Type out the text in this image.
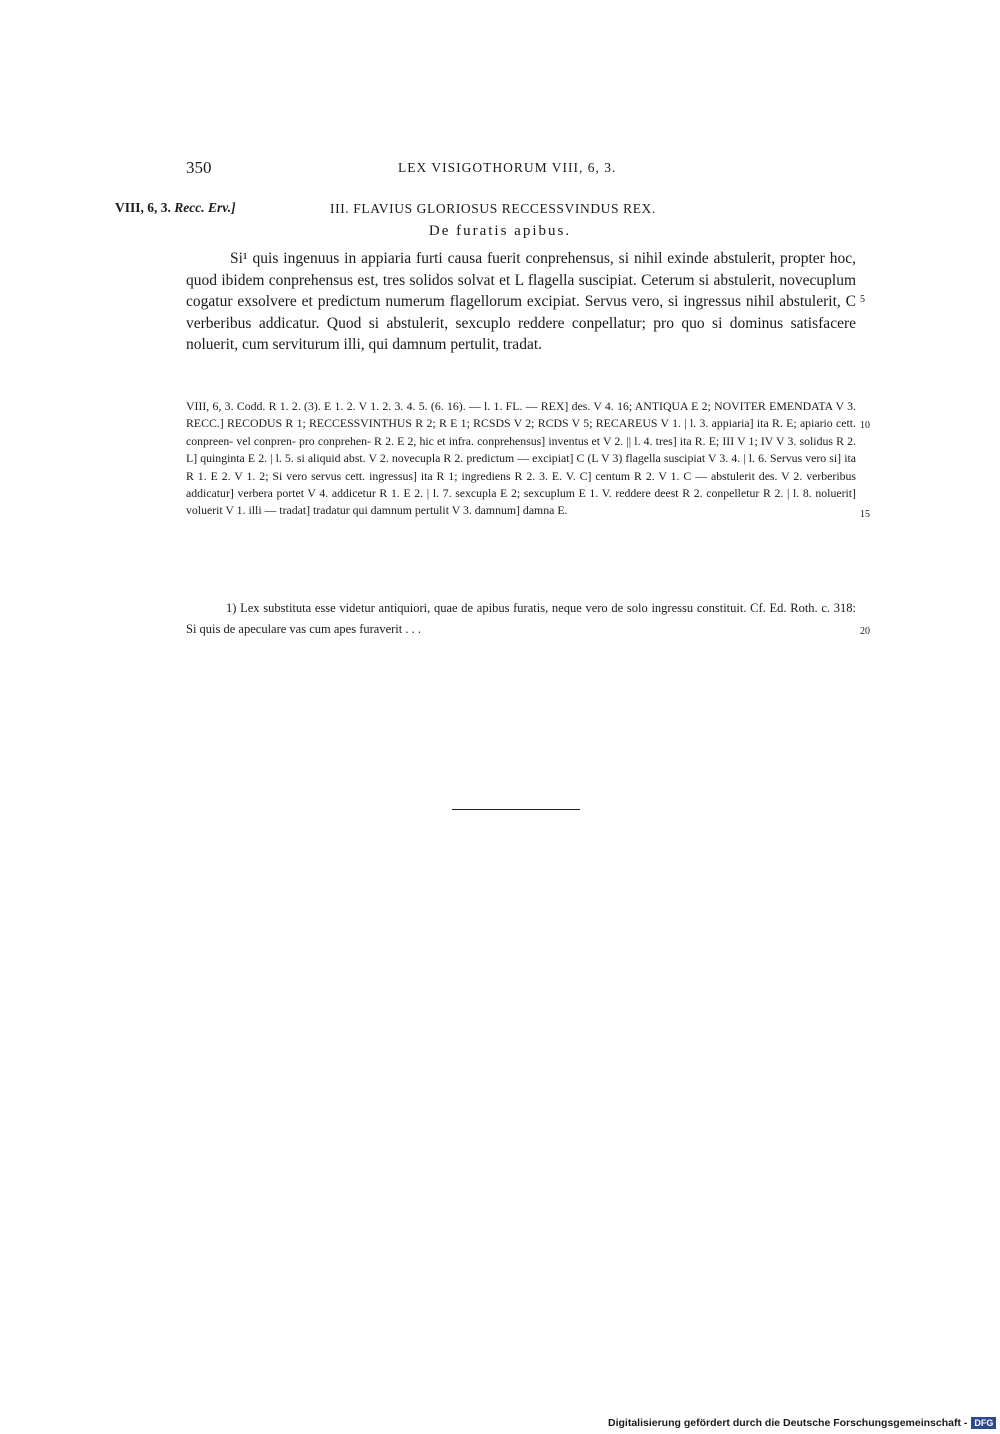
350	LEX VISIGOTHORUM VIII, 6, 3.
VIII, 6, 3. Recc. Erv.]	III. FLAVIUS GLORIOSUS RECCESSVINDUS REX.
De furatis apibus.

Si¹ quis ingenuus in appiaria furti causa fuerit conprehensus, si nihil exinde abstulerit, propter hoc, quod ibidem conprehensus est, tres solidos solvat et L flagella suscipiat. Ceterum si abstulerit, novecuplum cogatur exsolvere et predictum numerum flagellorum excipiat. Servus vero, si ingressus nihil abstulerit, C verberibus addicatur. Quod si abstulerit, sexcuplo reddere conpellatur; pro quo si dominus satisfacere noluerit, cum serviturum illi, qui damnum pertulit, tradat.

5

VIII, 6, 3. Codd. R 1. 2. (3). E 1. 2. V 1. 2. 3. 4. 5. (6. 16). — l. 1. FL. — REX] des. V 4. 16; ANTIQUA E 2; NOVITER EMENDATA V 3. RECC.] RECODUS R 1; RECCESSVINTHUS R 2; R E 1; RCSDS V 2; RCDS V 5; RECAREUS V 1. | l. 3. appiaria] ita R. E; apiario cett. conpreen- vel conpren- pro conprehen- R 2. E 2, hic et infra. conprehensus] inventus et V 2. || l. 4. tres] ita R. E; III V 1; IV V 3. solidus R 2. L] quinginta E 2. | l. 5. si aliquid abst. V 2. novecupla R 2. predictum — excipiat] C (L V 3) flagella suscipiat V 3. 4. | l. 6. Servus vero si] ita R 1. E 2. V 1. 2; Si vero servus cett. ingressus] ita R 1; ingrediens R 2. 3. E. V. C] centum R 2. V 1. C — abstulerit des. V 2. verberibus addicatur] verbera portet V 4. addicetur R 1. E 2. | l. 7. sexcupla E 2; sexcuplum E 1. V. reddere deest R 2. conpelletur R 2. | l. 8. noluerit] voluerit V 1. illi — tradat] tradatur qui damnum pertulit V 3. damnum] damna E.

10
15

1) Lex substituta esse videtur antiquiori, quae de apibus furatis, neque vero de solo ingressu constituit. Cf. Ed. Roth. c. 318: Si quis de apeculare vas cum apes furaverit . . .	20
Digitalisierung gefördert durch die Deutsche Forschungsgemeinschaft - DFG
